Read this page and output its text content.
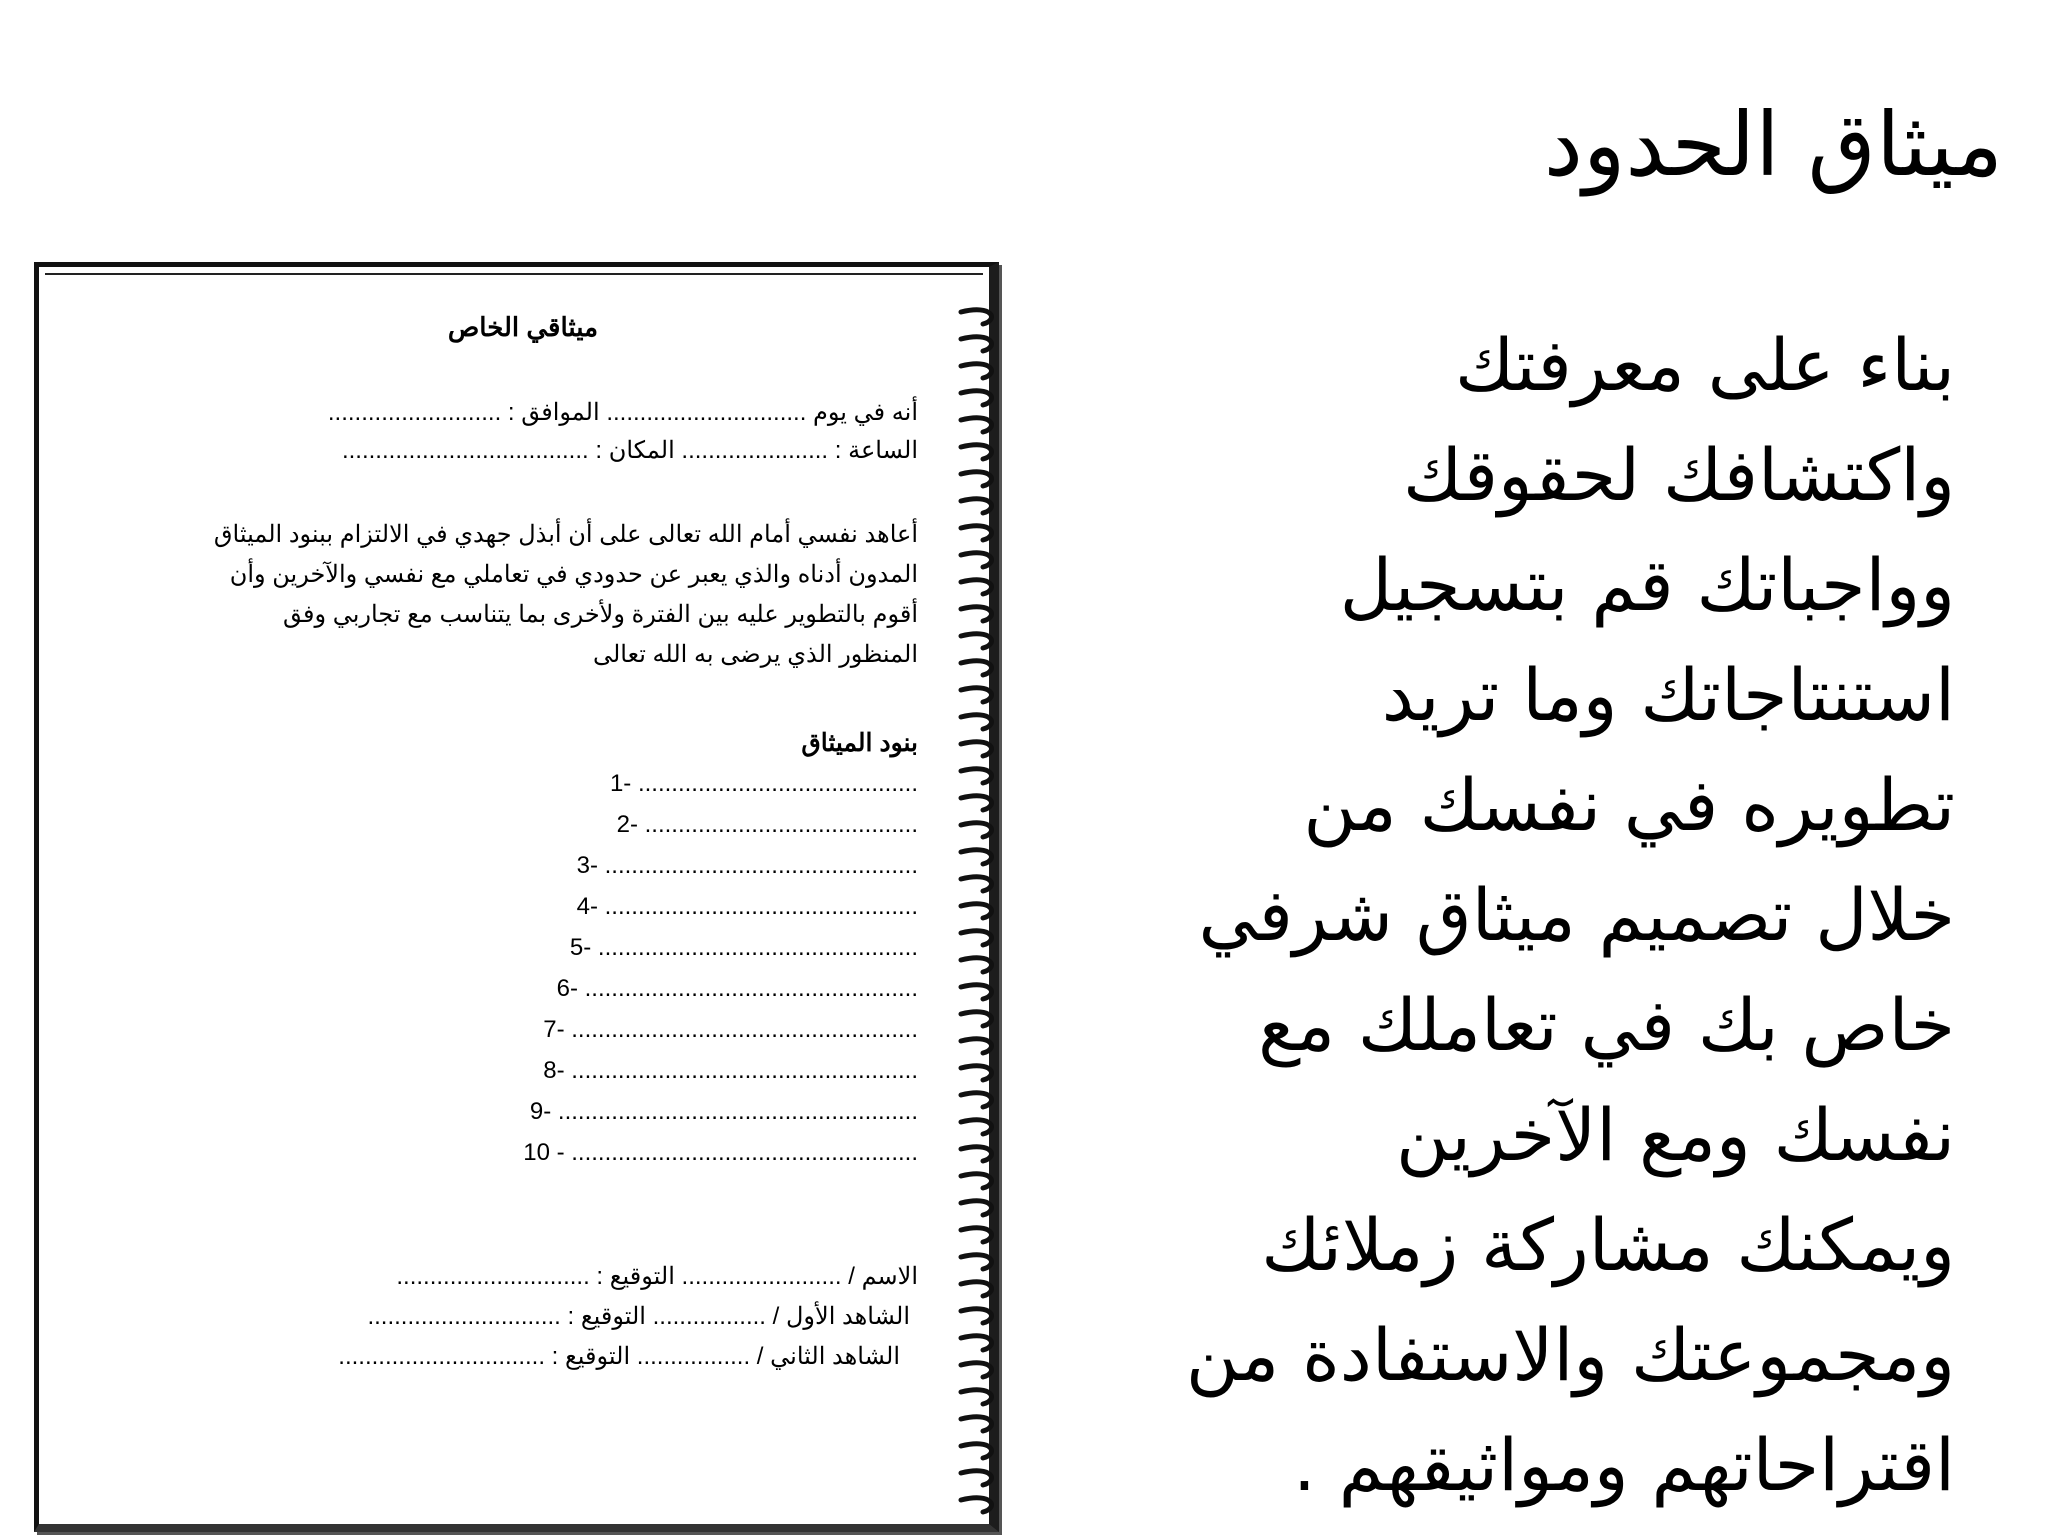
ميثاق الحدود
بناء على معرفتك
واكتشافك لحقوقك
وواجباتك قم بتسجيل
استنتاجاتك وما تريد
تطويره في نفسك من
خلال تصميم ميثاق شرفي
خاص بك في تعاملك مع
نفسك ومع الآخرين
ويمكنك مشاركة زملائك
ومجموعتك والاستفادة من
اقتراحاتهم ومواثيقهم .
ميثاقي الخاص
أنه في يوم .............................. الموافق : ..........................
الساعة : ...................... المكان : .....................................
أعاهد نفسي أمام الله تعالى على أن أبذل جهدي في الالتزام ببنود الميثاق
المدون أدناه والذي يعبر عن حدودي في تعاملي مع نفسي والآخرين وأن
أقوم بالتطوير عليه بين الفترة ولأخرى بما يتناسب مع تجاربي وفق
المنظور الذي يرضى به الله تعالى
بنود الميثاق
1- ..........................................
2- .........................................
3- ...............................................
4- ...............................................
5- ................................................
6- ..................................................
7- ....................................................
8- ....................................................
9- ......................................................
10 - ....................................................
الاسم / ........................ التوقيع : .............................
الشاهد الأول / ................. التوقيع : .............................
الشاهد الثاني / ................. التوقيع : ...............................
